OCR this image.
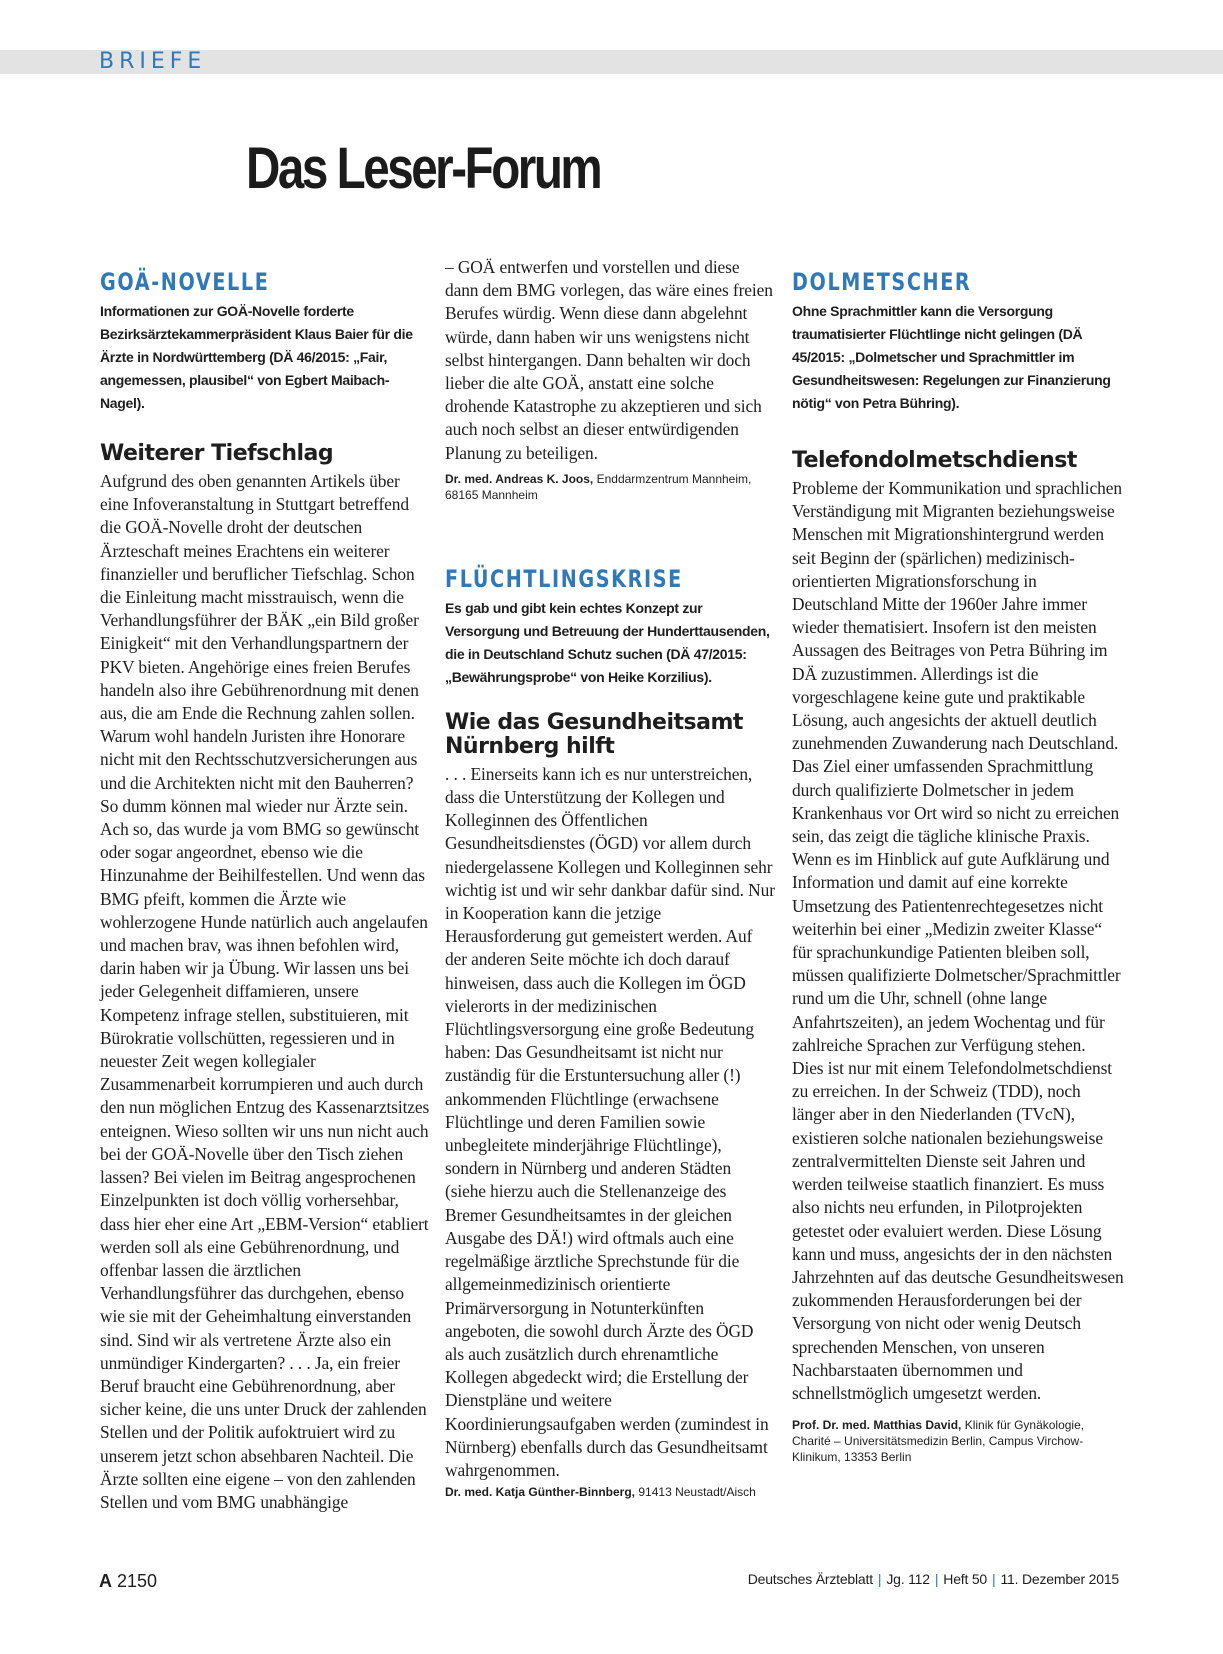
BRIEFE
Das Leser-Forum
GOÄ-NOVELLE

Informationen zur GOÄ-Novelle forderte Bezirksärztekammerpräsident Klaus Baier für die Ärzte in Nordwürttemberg (DÄ 46/2015: „Fair, angemessen, plausibel“ von Egbert Maibach-Nagel).

Weiterer Tiefschlag

Aufgrund des oben genannten Artikels über eine Infoveranstaltung in Stuttgart betreffend die GOÄ-Novelle droht der deutschen Ärzteschaft meines Erachtens ein weiterer finanzieller und beruflicher Tiefschlag. Schon die Einleitung macht misstrauisch, wenn die Verhandlungsführer der BÄK „ein Bild großer Einigkeit“ mit den Verhandlungspartnern der PKV bieten. Angehörige eines freien Berufes handeln also ihre Gebührenordnung mit denen aus, die am Ende die Rechnung zahlen sollen. Warum wohl handeln Juristen ihre Honorare nicht mit den Rechtsschutzversicherungen aus und die Architekten nicht mit den Bauherren? So dumm können mal wieder nur Ärzte sein. Ach so, das wurde ja vom BMG so gewünscht oder sogar angeordnet, ebenso wie die Hinzunahme der Beihilfestellen. Und wenn das BMG pfeift, kommen die Ärzte wie wohlerzogene Hunde natürlich auch angelaufen und machen brav, was ihnen befohlen wird, darin haben wir ja Übung. Wir lassen uns bei jeder Gelegenheit diffamieren, unsere Kompetenz infrage stellen, substituieren, mit Bürokratie vollschütten, regessieren und in neuester Zeit wegen kollegialer Zusammenarbeit korrumpieren und auch durch den nun möglichen Entzug des Kassenarztsitzes enteignen. Wieso sollten wir uns nun nicht auch bei der GOÄ-Novelle über den Tisch ziehen lassen? Bei vielen im Beitrag angesprochenen Einzelpunkten ist doch völlig vorhersehbar, dass hier eher eine Art „EBM-Version“ etabliert werden soll als eine Gebührenordnung, und offenbar lassen die ärztlichen Verhandlungsführer das durchgehen, ebenso wie sie mit der Geheimhaltung einverstanden sind. Sind wir als vertretene Ärzte also ein unmündiger Kindergarten? . . . Ja, ein freier Beruf braucht eine Gebührenordnung, aber sicher keine, die uns unter Druck der zahlenden Stellen und der Politik aufoktruiert wird zu unserem jetzt schon absehbaren Nachteil. Die Ärzte sollten eine eigene – von den zahlenden Stellen und vom BMG unabhängige

– GOÄ entwerfen und vorstellen und diese dann dem BMG vorlegen, das wäre eines freien Berufes würdig. Wenn diese dann abgelehnt würde, dann haben wir uns wenigstens nicht selbst hintergangen. Dann behalten wir doch lieber die alte GOÄ, anstatt eine solche drohende Katastrophe zu akzeptieren und sich auch noch selbst an dieser entwürdigenden Planung zu beteiligen.

Dr. med. Andreas K. Joos, Enddarmzentrum Mannheim, 68165 Mannheim

FLÜCHTLINGSKRISE

Es gab und gibt kein echtes Konzept zur Versorgung und Betreuung der Hunderttausenden, die in Deutschland Schutz suchen (DÄ 47/2015: „Bewährungsprobe“ von Heike Korzilius).

Wie das Gesundheitsamt Nürnberg hilft

. . . Einerseits kann ich es nur unterstreichen, dass die Unterstützung der Kollegen und Kolleginnen des Öffentlichen Gesundheitsdienstes (ÖGD) vor allem durch niedergelassene Kollegen und Kolleginnen sehr wichtig ist und wir sehr dankbar dafür sind. Nur in Kooperation kann die jetzige Herausforderung gut gemeistert werden. Auf der anderen Seite möchte ich doch darauf hinweisen, dass auch die Kollegen im ÖGD vielerorts in der medizinischen Flüchtlingsversorgung eine große Bedeutung haben: Das Gesundheitsamt ist nicht nur zuständig für die Erstuntersuchung aller (!) ankommenden Flüchtlinge (erwachsene Flüchtlinge und deren Familien sowie unbegleitete minderjährige Flüchtlinge), sondern in Nürnberg und anderen Städten (siehe hierzu auch die Stellenanzeige des Bremer Gesundheitsamtes in der gleichen Ausgabe des DÄ!) wird oftmals auch eine regelmäßige ärztliche Sprechstunde für die allgemeinmedizinisch orientierte Primärversorgung in Notunterkünften angeboten, die sowohl durch Ärzte des ÖGD als auch zusätzlich durch ehrenamtliche Kollegen abgedeckt wird; die Erstellung der Dienstpläne und weitere Koordinierungsaufgaben werden (zumindest in Nürnberg) ebenfalls durch das Gesundheitsamt wahrgenommen.

Dr. med. Katja Günther-Binnberg, 91413 Neustadt/Aisch

DOLMETSCHER

Ohne Sprachmittler kann die Versorgung traumatisierter Flüchtlinge nicht gelingen (DÄ 45/2015: „Dolmetscher und Sprachmittler im Gesundheitswesen: Regelungen zur Finanzierung nötig“ von Petra Bühring).

Telefondolmetschdienst

Probleme der Kommunikation und sprachlichen Verständigung mit Migranten beziehungsweise Menschen mit Migrationshintergrund werden seit Beginn der (spärlichen) medizinisch-orientierten Migrationsforschung in Deutschland Mitte der 1960er Jahre immer wieder thematisiert. Insofern ist den meisten Aussagen des Beitrages von Petra Bühring im DÄ zuzustimmen. Allerdings ist die vorgeschlagene keine gute und praktikable Lösung, auch angesichts der aktuell deutlich zunehmenden Zuwanderung nach Deutschland. Das Ziel einer umfassenden Sprachmittlung durch qualifizierte Dolmetscher in jedem Krankenhaus vor Ort wird so nicht zu erreichen sein, das zeigt die tägliche klinische Praxis. Wenn es im Hinblick auf gute Aufklärung und Information und damit auf eine korrekte Umsetzung des Patientenrechtegesetzes nicht weiterhin bei einer „Medizin zweiter Klasse“ für sprachunkundige Patienten bleiben soll, müssen qualifizierte Dolmetscher/Sprachmittler rund um die Uhr, schnell (ohne lange Anfahrtszeiten), an jedem Wochentag und für zahlreiche Sprachen zur Verfügung stehen.

Dies ist nur mit einem Telefondolmetschdienst zu erreichen. In der Schweiz (TDD), noch länger aber in den Niederlanden (TVcN), existieren solche nationalen beziehungsweise zentralvermittelten Dienste seit Jahren und werden teilweise staatlich finanziert. Es muss also nichts neu erfunden, in Pilotprojekten getestet oder evaluiert werden. Diese Lösung kann und muss, angesichts der in den nächsten Jahrzehnten auf das deutsche Gesundheitswesen zukommenden Herausforderungen bei der Versorgung von nicht oder wenig Deutsch sprechenden Menschen, von unseren Nachbarstaaten übernommen und schnellstmöglich umgesetzt werden.

Prof. Dr. med. Matthias David, Klinik für Gynäkologie, Charité – Universitätsmedizin Berlin, Campus Virchow-Klinikum, 13353 Berlin

A 2150	Deutsches Ärzteblatt | Jg. 112 | Heft 50 | 11. Dezember 2015
